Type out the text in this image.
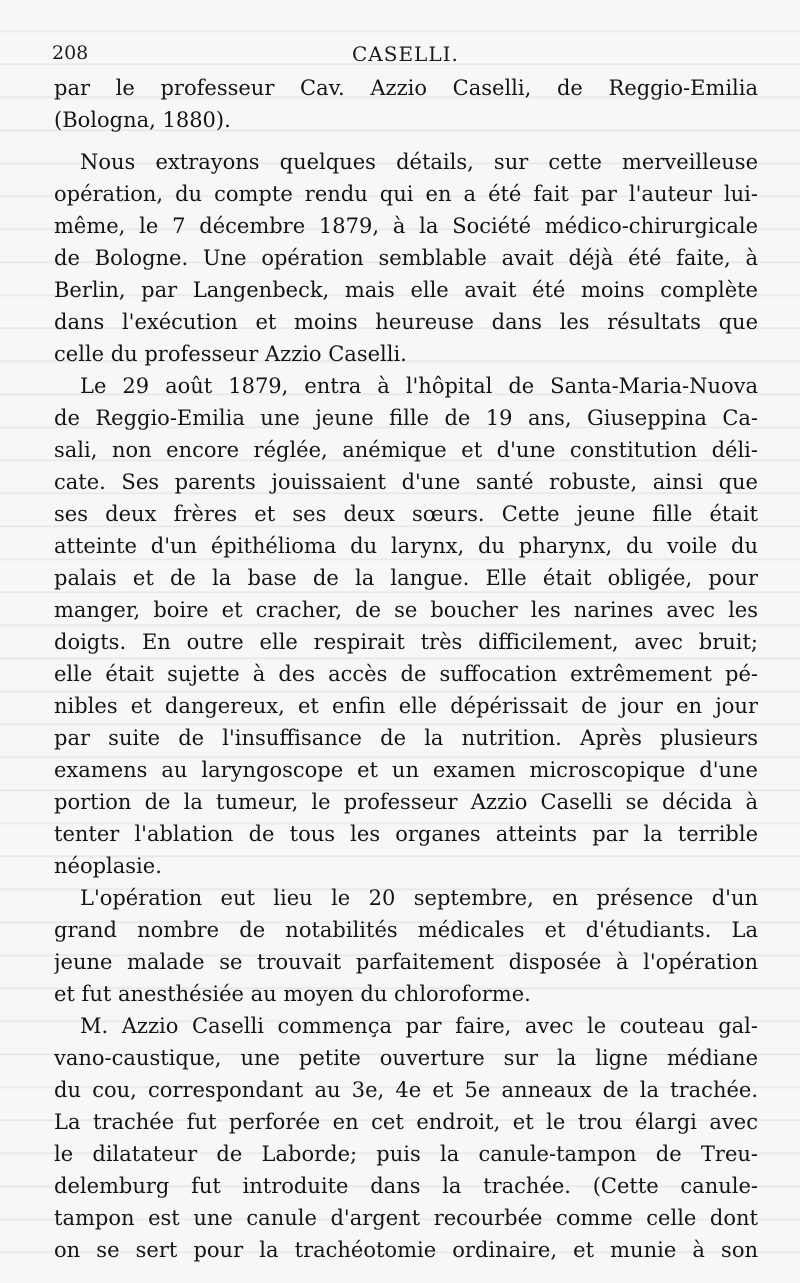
208	CASELLI.
par le professeur Cav. Azzio Caselli, de Reggio-Emilia
(Bologna, 1880).
Nous extrayons quelques détails, sur cette merveilleuse
opération, du compte rendu qui en a été fait par l'auteur lui-
même, le 7 décembre 1879, à la Société médico-chirurgicale
de Bologne. Une opération semblable avait déjà été faite, à
Berlin, par Langenbeck, mais elle avait été moins complète
dans l'exécution et moins heureuse dans les résultats que
celle du professeur Azzio Caselli.
Le 29 août 1879, entra à l'hôpital de Santa-Maria-Nuova
de Reggio-Emilia une jeune fille de 19 ans, Giuseppina Ca-
sali, non encore réglée, anémique et d'une constitution déli-
cate. Ses parents jouissaient d'une santé robuste, ainsi que
ses deux frères et ses deux sœurs. Cette jeune fille était
atteinte d'un épithélioma du larynx, du pharynx, du voile du
palais et de la base de la langue. Elle était obligée, pour
manger, boire et cracher, de se boucher les narines avec les
doigts. En outre elle respirait très difficilement, avec bruit;
elle était sujette à des accès de suffocation extrêmement pé-
nibles et dangereux, et enfin elle dépérissait de jour en jour
par suite de l'insuffisance de la nutrition. Après plusieurs
examens au laryngoscope et un examen microscopique d'une
portion de la tumeur, le professeur Azzio Caselli se décida à
tenter l'ablation de tous les organes atteints par la terrible
néoplasie.
L'opération eut lieu le 20 septembre, en présence d'un
grand nombre de notabilités médicales et d'étudiants. La
jeune malade se trouvait parfaitement disposée à l'opération
et fut anesthésiée au moyen du chloroforme.
M. Azzio Caselli commença par faire, avec le couteau gal-
vano-caustique, une petite ouverture sur la ligne médiane
du cou, correspondant au 3e, 4e et 5e anneaux de la trachée.
La trachée fut perforée en cet endroit, et le trou élargi avec
le dilatateur de Laborde; puis la canule-tampon de Treu-
delemburg fut introduite dans la trachée. (Cette canule-
tampon est une canule d'argent recourbée comme celle dont
on se sert pour la trachéotomie ordinaire, et munie à son
